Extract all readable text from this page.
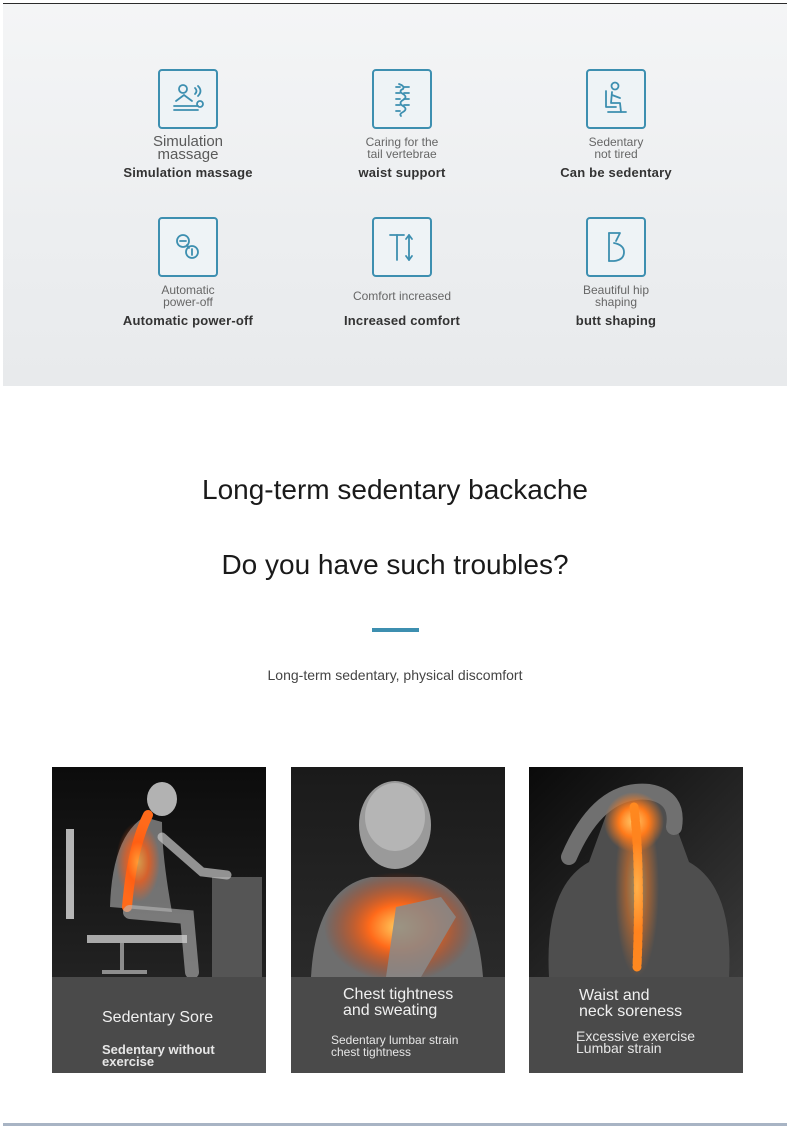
Simulation
massage
Simulation massage
Caring for the
tail vertebrae
waist support
Sedentary
not tired
Can be sedentary
Automatic
power-off
Automatic power-off
Comfort increased
Increased comfort
Beautiful hip
shaping
butt shaping
Long-term sedentary backache
Do you have such troubles?

Long-term sedentary, physical discomfort

Sedentary Sore
Sedentary without
exercise
Chest tightness
and sweating
Sedentary lumbar strain
chest tightness
Waist and
neck soreness
Excessive exercise
Lumbar strain
